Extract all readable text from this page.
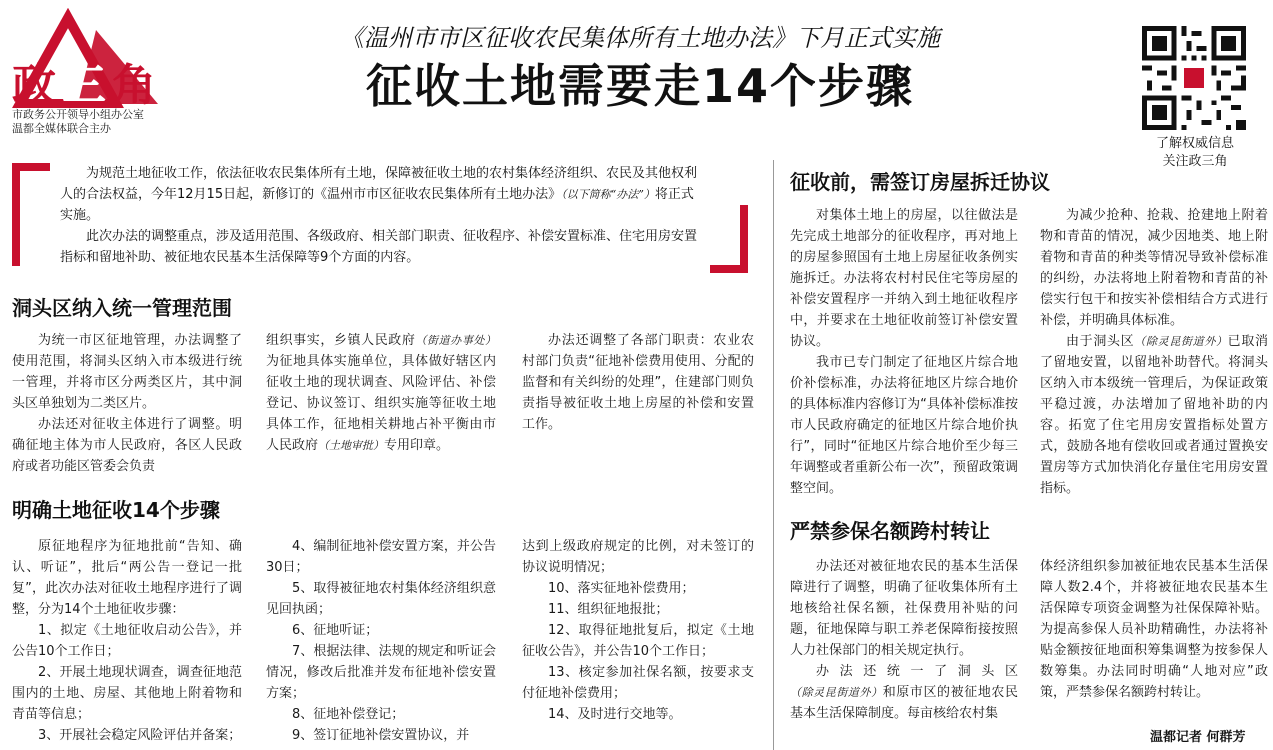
政 三 角
市政务公开领导小组办公室
温都全媒体联合主办
《温州市市区征收农民集体所有土地办法》下月正式实施
征收土地需要走14个步骤
了解权威信息
关注政三角

为规范土地征收工作，依法征收农民集体所有土地，保障被征收土地的农村集体经济组织、农民及其他权利人的合法权益，今年12月15日起，新修订的《温州市市区征收农民集体所有土地办法》（以下简称“办法”）将正式实施。

此次办法的调整重点，涉及适用范围、各级政府、相关部门职责、征收程序、补偿安置标准、住宅用房安置指标和留地补助、被征地农民基本生活保障等9个方面的内容。

洞头区纳入统一管理范围

为统一市区征地管理，办法调整了使用范围，将洞头区纳入市本级进行统一管理，并将市区分两类区片，其中洞头区单独划为二类区片。

办法还对征收主体进行了调整。明确征地主体为市人民政府，各区人民政府或者功能区管委会负责

组织事实，乡镇人民政府（街道办事处）为征地具体实施单位，具体做好辖区内征收土地的现状调查、风险评估、补偿登记、协议签订、组织实施等征收土地具体工作，征地相关耕地占补平衡由市人民政府（土地审批）专用印章。

办法还调整了各部门职责：农业农村部门负责“征地补偿费用使用、分配的监督和有关纠纷的处理”，住建部门则负责指导被征收土地上房屋的补偿和安置工作。

明确土地征收14个步骤

原征地程序为征地批前“告知、确认、听证”，批后“两公告一登记一批复”，此次办法对征收土地程序进行了调整，分为14个土地征收步骤：

1、拟定《土地征收启动公告》，并公告10个工作日；

2、开展土地现状调查，调查征地范围内的土地、房屋、其他地上附着物和青苗等信息；

3、开展社会稳定风险评估并备案；

4、编制征地补偿安置方案，并公告30日；

5、取得被征地农村集体经济组织意见回执函；

6、征地听证；

7、根据法律、法规的规定和听证会情况，修改后批准并发布征地补偿安置方案；

8、征地补偿登记；

9、签订征地补偿安置协议，并

达到上级政府规定的比例，对未签订的协议说明情况；

10、落实征地补偿费用；

11、组织征地报批；

12、取得征地批复后，拟定《土地征收公告》，并公告10个工作日；

13、核定参加社保名额，按要求支付征地补偿费用；

14、及时进行交地等。

征收前，需签订房屋拆迁协议

对集体土地上的房屋，以往做法是先完成土地部分的征收程序，再对地上的房屋参照国有土地上房屋征收条例实施拆迁。办法将农村村民住宅等房屋的补偿安置程序一并纳入到土地征收程序中，并要求在土地征收前签订补偿安置协议。

我市已专门制定了征地区片综合地价补偿标准，办法将征地区片综合地价的具体标准内容修订为“具体补偿标准按市人民政府确定的征地区片综合地价执行”，同时“征地区片综合地价至少每三年调整或者重新公布一次”，预留政策调整空间。

为减少抢种、抢栽、抢建地上附着物和青苗的情况，减少因地类、地上附着物和青苗的种类等情况导致补偿标准的纠纷，办法将地上附着物和青苗的补偿实行包干和按实补偿相结合方式进行补偿，并明确具体标准。

由于洞头区（除灵昆街道外）已取消了留地安置，以留地补助替代。将洞头区纳入市本级统一管理后，为保证政策平稳过渡，办法增加了留地补助的内容。拓宽了住宅用房安置指标处置方式，鼓励各地有偿收回或者通过置换安置房等方式加快消化存量住宅用房安置指标。

严禁参保名额跨村转让

办法还对被征地农民的基本生活保障进行了调整，明确了征收集体所有土地核给社保名额，社保费用补贴的问题，征地保障与职工养老保障衔接按照人力社保部门的相关规定执行。

办法还统一了洞头区（除灵昆街道外）和原市区的被征地农民基本生活保障制度。每亩核给农村集

体经济组织参加被征地农民基本生活保障人数2.4个，并将被征地农民基本生活保障专项资金调整为社保保障补贴。为提高参保人员补助精确性，办法将补贴金额按征地面积筹集调整为按参保人数筹集。办法同时明确“人地对应”政策，严禁参保名额跨村转让。

温都记者 何群芳
